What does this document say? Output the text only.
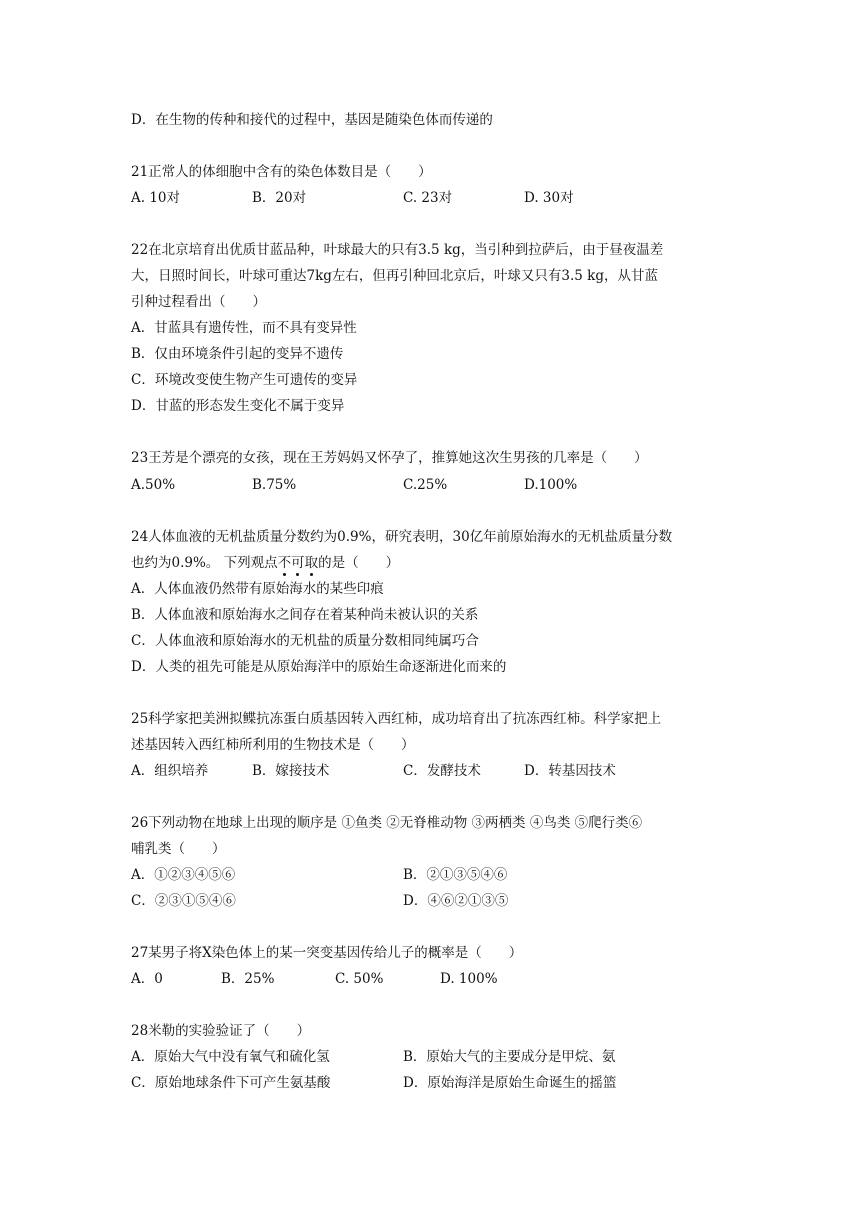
D．在生物的传种和接代的过程中，基因是随染色体而传递的
21正常人的体细胞中含有的染色体数目是（　　）
A. 10对	B．20对	C. 23对	D. 30对
22在北京培育出优质甘蓝品种，叶球最大的只有3.5 kg，当引种到拉萨后，由于昼夜温差
大，日照时间长，叶球可重达7kg左右，但再引种回北京后，叶球又只有3.5 kg，从甘蓝
引种过程看出（　　）
A．甘蓝具有遗传性，而不具有变异性
B．仅由环境条件引起的变异不遗传
C．环境改变使生物产生可遗传的变异
D．甘蓝的形态发生变化不属于变异
23王芳是个漂亮的女孩，现在王芳妈妈又怀孕了，推算她这次生男孩的几率是（　　）
A.50%	B.75%	C.25%	D.100%
24人体血液的无机盐质量分数约为0.9%，研究表明，30亿年前原始海水的无机盐质量分数
也约为0.9%。 下列观点不可取的是（　　）
A．人体血液仍然带有原始海水的某些印痕
B．人体血液和原始海水之间存在着某种尚未被认识的关系
C．人体血液和原始海水的无机盐的质量分数相同纯属巧合
D．人类的祖先可能是从原始海洋中的原始生命逐渐进化而来的
25科学家把美洲拟鲽抗冻蛋白质基因转入西红柿，成功培育出了抗冻西红柿。科学家把上
述基因转入西红柿所利用的生物技术是（　　）
A．组织培养	B．嫁接技术	C．发酵技术	D．转基因技术
26下列动物在地球上出现的顺序是 ①鱼类 ②无脊椎动物 ③两栖类 ④鸟类 ⑤爬行类⑥
哺乳类（　　）
A．①②③④⑤⑥	B．②①③⑤④⑥
C．②③①⑤④⑥	D．④⑥②①③⑤
27某男子将X染色体上的某一突变基因传给儿子的概率是（　　）
A．0	B．25%	C. 50%	D. 100%
28米勒的实验验证了（　　）
A．原始大气中没有氧气和硫化氢	B．原始大气的主要成分是甲烷、氨
C．原始地球条件下可产生氨基酸	D．原始海洋是原始生命诞生的摇篮
